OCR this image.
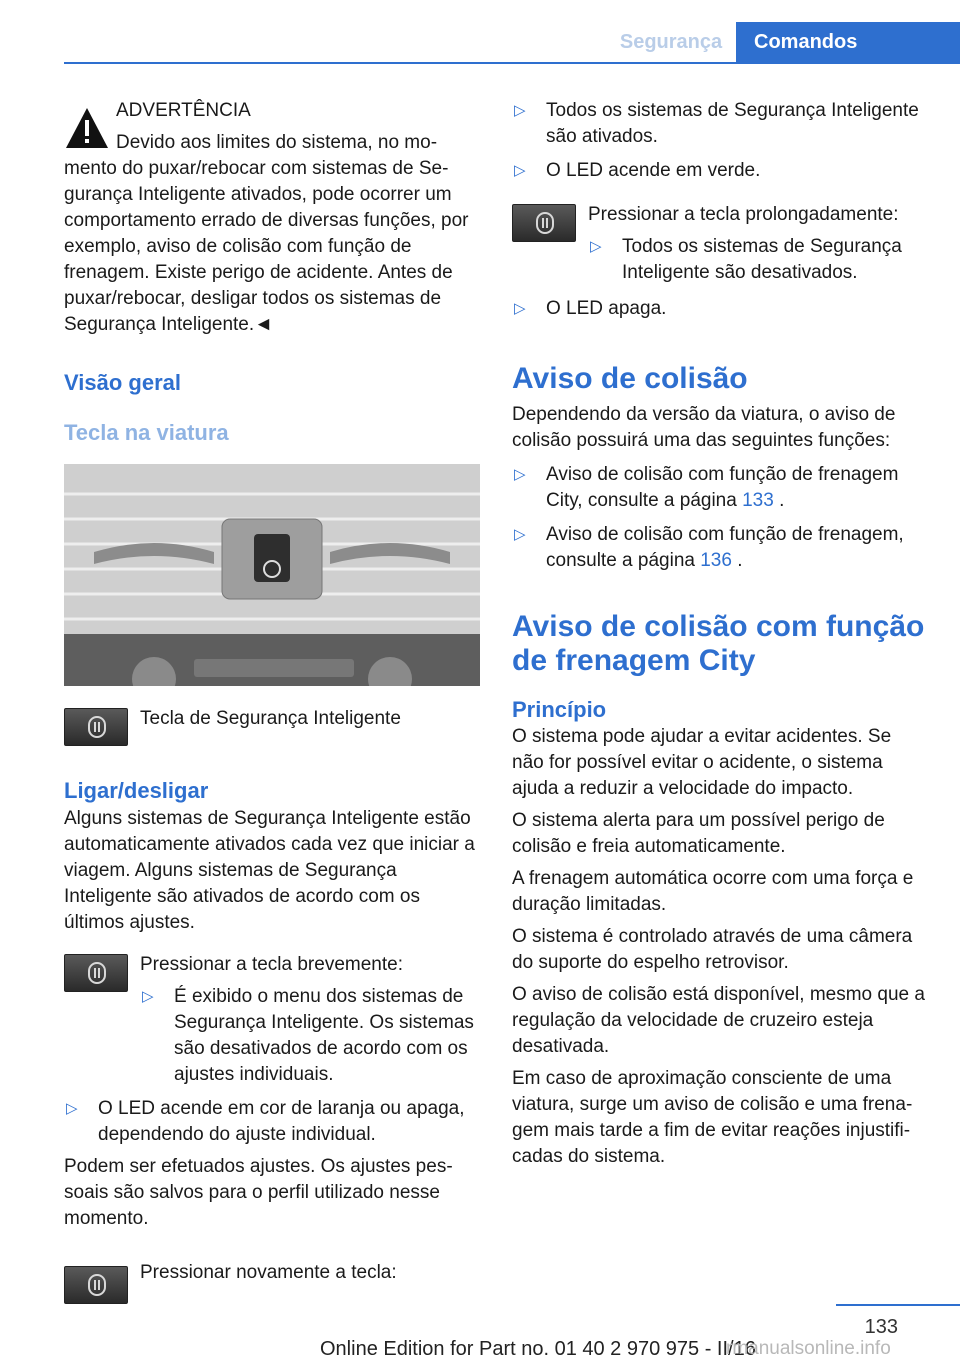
Segurança	Comandos

ADVERTÊNCIA

Devido aos limites do sistema, no momento do puxar/rebocar com sistemas de Segurança Inteligente ativados, pode ocorrer um comportamento errado de diversas funções, por exemplo, aviso de colisão com função de frenagem. Existe perigo de acidente. Antes de puxar/rebocar, desligar todos os sistemas de Segurança Inteligente.◄

Visão geral
Tecla na viatura

Tecla de Segurança Inteligente

Ligar/desligar

Alguns sistemas de Segurança Inteligente estão automaticamente ativados cada vez que iniciar a viagem. Alguns sistemas de Segurança Inteligente são ativados de acordo com os últimos ajustes.

Pressionar a tecla brevemente:

▷ É exibido o menu dos sistemas de Segurança Inteligente. Os sistemas são desativados de acordo com os ajustes individuais.
▷ O LED acende em cor de laranja ou apaga, dependendo do ajuste individual.

Podem ser efetuados ajustes. Os ajustes pessoais são salvos para o perfil utilizado nesse momento.

Pressionar novamente a tecla:

▷ Todos os sistemas de Segurança Inteligente são ativados.
▷ O LED acende em verde.

Pressionar a tecla prolongadamente:

▷ Todos os sistemas de Segurança Inteligente são desativados.
▷ O LED apaga.
Aviso de colisão

Dependendo da versão da viatura, o aviso de colisão possuirá uma das seguintes funções:

▷ Aviso de colisão com função de frenagem City, consulte a página 133 .
▷ Aviso de colisão com função de frenagem, consulte a página 136 .
Aviso de colisão com função de frenagem City
Princípio

O sistema pode ajudar a evitar acidentes. Se não for possível evitar o acidente, o sistema ajuda a reduzir a velocidade do impacto.

O sistema alerta para um possível perigo de colisão e freia automaticamente.

A frenagem automática ocorre com uma força e duração limitadas.

O sistema é controlado através de uma câmera do suporte do espelho retrovisor.

O aviso de colisão está disponível, mesmo que a regulação da velocidade de cruzeiro esteja desativada.

Em caso de aproximação consciente de uma viatura, surge um aviso de colisão e uma frenagem mais tarde a fim de evitar reações injustificadas do sistema.

133
Online Edition for Part no. 01 40 2 970 975 - II/16
rmanualsonline.info
